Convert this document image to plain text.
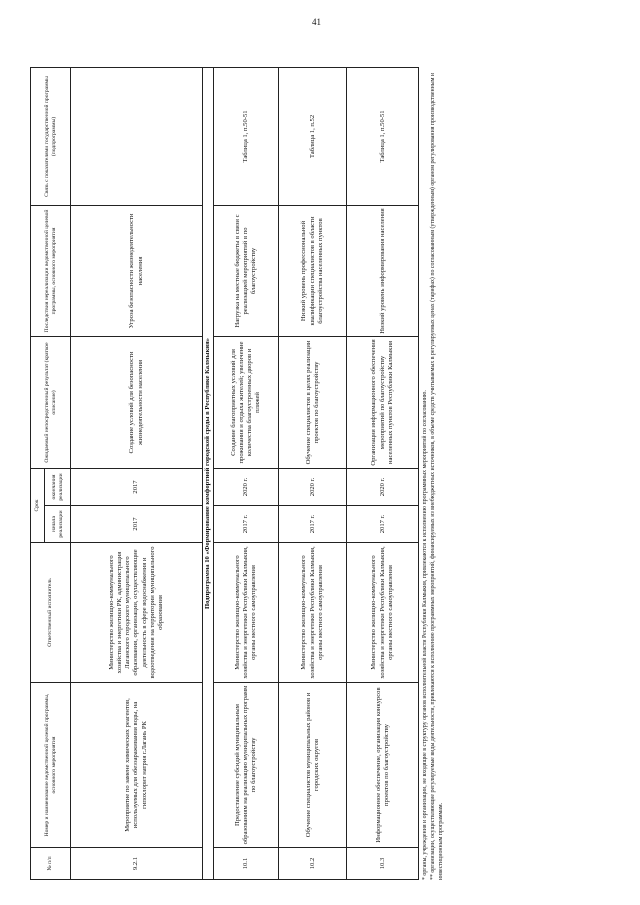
41
№ п/п	Номер и наименование ведомственной целевой программы, основного мероприятия	Ответственный исполнитель	Срок		Ожидаемый непосредственный результат (краткое описание)	Последствия нереализации ведомственной целевой программы, основного мероприятия	Связь с показателями государственной программы (подпрограммы)
			начала реализации	окончания реализации			
9.2.1	Мероприятие по замене химических реагентов, используемых для обеззараживания воды, на гипохлорит натрия г.Лагань РК	Министерство жилищно-коммунального хозяйства и энергетики РК, администрация Лаганского городского муниципального образования, организации, осуществляющие деятельность в сфере водоснабжения и водоотведения на территории муниципального образования	2017	2017	Создание условий для безопасности жизнедеятельности населения	Угроза безопасности жизнедеятельности населения	
Подпрограмма 10 «Формирование комфортной городской среды в Республике Калмыкия»							
10.1	Предоставление субсидий муниципальным образованиям на реализацию муниципальных программ по благоустройству	Министерство жилищно-коммунального хозяйства и энергетики Республики Калмыкия, органы местного самоуправления	2017 г.	2020 г.	Создание благоприятных условий для проживания и отдыха жителей; увеличение количества благоустроенных дворов и пляжей	Нагрузка на местные бюджеты в связи с реализацией мероприятий в по благоустройству	Таблица 1, п.50-51
10.2	Обучение специалистов муниципальных районов и городских округов	Министерство жилищно-коммунального хозяйства и энергетики Республики Калмыкия, органы местного самоуправления	2017 г.	2020 г.	Обучение специалистов в целях реализации проектов по благоустройству	Низкий уровень профессиональной квалификации специалистов в области благоустройства населенных пунктов	Таблица 1, п.52
10.3	Информационное обеспечение, организация конкурсов проектов по благоустройству	Министерство жилищно-коммунального хозяйства и энергетики Республики Калмыкия, органы местного самоуправления	2017 г.	2020 г.	Организация информационного обеспечения мероприятий по благоустройству населенных пунктов Республики Калмыкия	Низкий уровень информирования населения	Таблица 1, п.50-51
* органы, учреждения и организации, не входящие в структуру органов исполнительной власти Республики Калмыкия, привлекаются к исполнению программных мероприятий по согласованию. ** организации, осуществляющие регулируемые виды деятельности, привлекаются к исполнению программных мероприятий, финансируемых из внебюджетных источников, в объеме средств учитываемых в регулируемых ценах (тарифах) по согласованным (утвержденным) органом регулирования производственным и инвестиционным программам.
